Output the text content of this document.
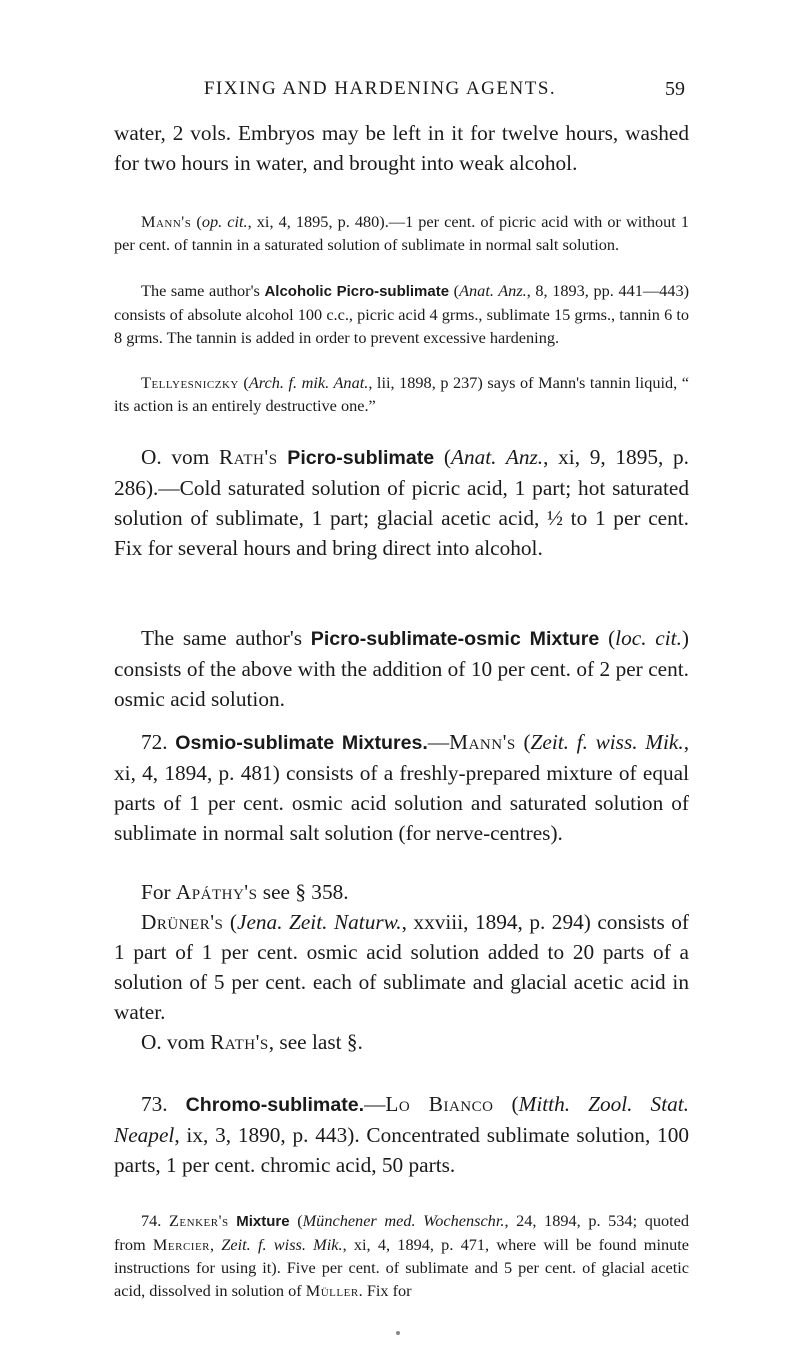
FIXING AND HARDENING AGENTS.	59

water, 2 vols. Embryos may be left in it for twelve hours, washed for two hours in water, and brought into weak alcohol.

Mann's (op. cit., xi, 4, 1895, p. 480).—1 per cent. of picric acid with or without 1 per cent. of tannin in a saturated solution of sublimate in normal salt solution.

The same author's Alcoholic Picro-sublimate (Anat. Anz., 8, 1893, pp. 441—443) consists of absolute alcohol 100 c.c., picric acid 4 grms., sublimate 15 grms., tannin 6 to 8 grms. The tannin is added in order to prevent excessive hardening.

Tellyesniczky (Arch. f. mik. Anat., lii, 1898, p 237) says of Mann's tannin liquid, “ its action is an entirely destructive one.”

O. vom Rath's Picro-sublimate (Anat. Anz., xi, 9, 1895, p. 286).—Cold saturated solution of picric acid, 1 part; hot saturated solution of sublimate, 1 part; glacial acetic acid, ½ to 1 per cent. Fix for several hours and bring direct into alcohol.

The same author's Picro-sublimate-osmic Mixture (loc. cit.) consists of the above with the addition of 10 per cent. of 2 per cent. osmic acid solution.

72. Osmio-sublimate Mixtures.—Mann's (Zeit. f. wiss. Mik., xi, 4, 1894, p. 481) consists of a freshly-prepared mixture of equal parts of 1 per cent. osmic acid solution and saturated solution of sublimate in normal salt solution (for nerve-centres).

For Apáthy's see § 358.

Drüner's (Jena. Zeit. Naturw., xxviii, 1894, p. 294) consists of 1 part of 1 per cent. osmic acid solution added to 20 parts of a solution of 5 per cent. each of sublimate and glacial acetic acid in water.

O. vom Rath's, see last §.

73. Chromo-sublimate.—Lo Bianco (Mitth. Zool. Stat. Neapel, ix, 3, 1890, p. 443). Concentrated sublimate solution, 100 parts, 1 per cent. chromic acid, 50 parts.

74. Zenker's Mixture (Münchener med. Wochenschr., 24, 1894, p. 534; quoted from Mercier, Zeit. f. wiss. Mik., xi, 4, 1894, p. 471, where will be found minute instructions for using it). Five per cent. of sublimate and 5 per cent. of glacial acetic acid, dissolved in solution of Müller. Fix for
